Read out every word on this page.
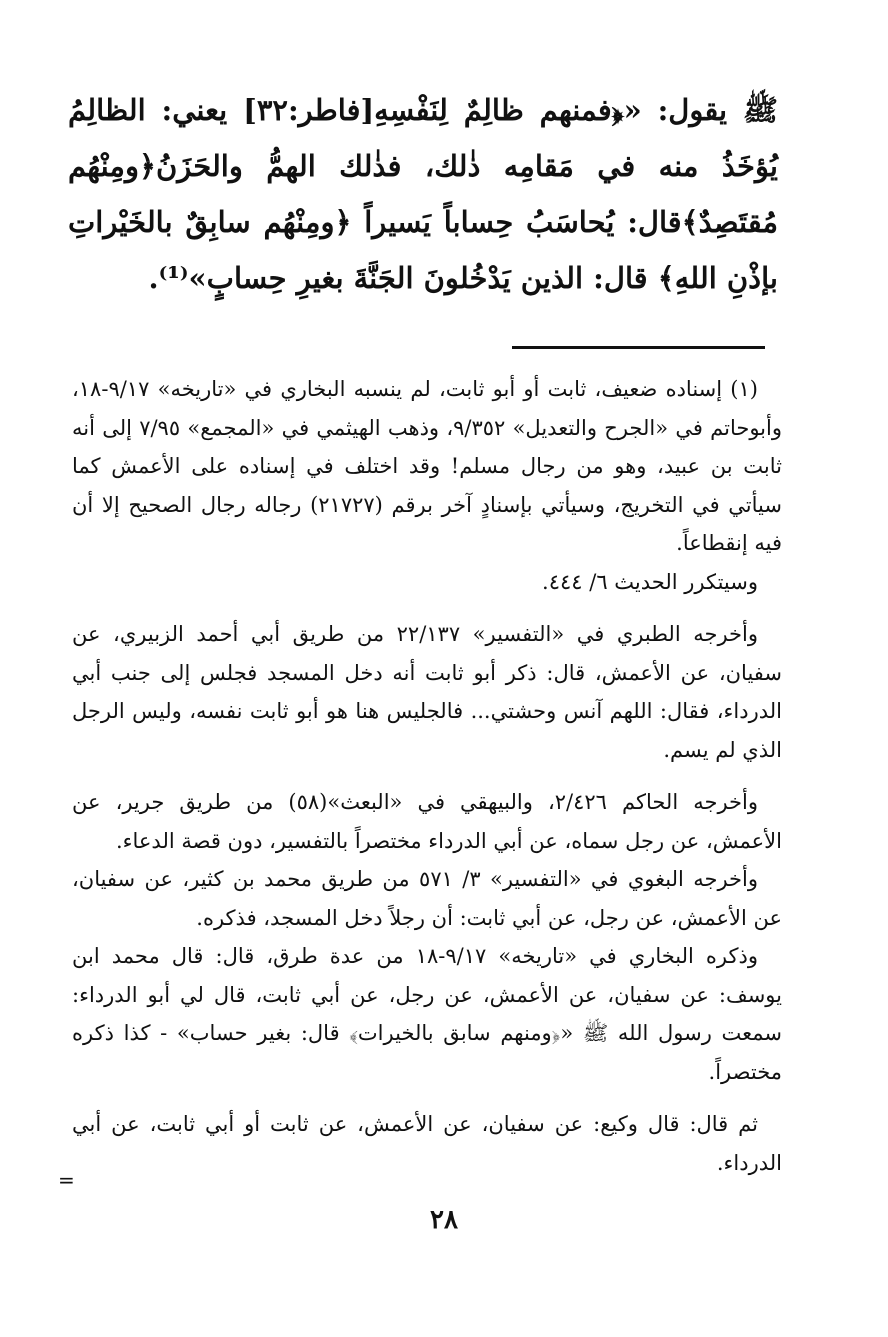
ﷺ يقول: «﴿فمنهم ظالِمٌ لِنَفْسِهِ[فاطر:٣٢] يعني: الظالِمُ يُؤخَذُ منه في مَقامِه ذٰلك، فذٰلك الهمُّ والحَزَنُ﴿ومِنْهُم مُقتَصِدٌ﴾قال: يُحاسَبُ حِساباً يَسيراً ﴿ومِنْهُم سابِقٌ بالخَيْراتِ بإذْنِ اللهِ﴾ قال: الذين يَدْخُلونَ الجَنَّةَ بغيرِ حِسابٍ»⁽¹⁾.

(١) إسناده ضعيف، ثابت أو أبو ثابت، لم ينسبه البخاري في «تاريخه» ٩/١٧-١٨، وأبوحاتم في «الجرح والتعديل» ٩/٣٥٢، وذهب الهيثمي في «المجمع» ٧/٩٥ إلى أنه ثابت بن عبيد، وهو من رجال مسلم! وقد اختلف في إسناده على الأعمش كما سيأتي في التخريج، وسيأتي بإسنادٍ آخر برقم (٢١٧٢٧) رجاله رجال الصحيح إلا أن فيه إنقطاعاً.

وسيتكرر الحديث ٦/ ٤٤٤.

وأخرجه الطبري في «التفسير» ٢٢/١٣٧ من طريق أبي أحمد الزبيري، عن سفيان، عن الأعمش، قال: ذكر أبو ثابت أنه دخل المسجد فجلس إلى جنب أبي الدرداء، فقال: اللهم آنس وحشتي... فالجليس هنا هو أبو ثابت نفسه، وليس الرجل الذي لم يسم.

وأخرجه الحاكم ٢/٤٢٦، والبيهقي في «البعث»(٥٨) من طريق جرير، عن الأعمش، عن رجل سماه، عن أبي الدرداء مختصراً بالتفسير، دون قصة الدعاء.

وأخرجه البغوي في «التفسير» ٣/ ٥٧١ من طريق محمد بن كثير، عن سفيان، عن الأعمش، عن رجل، عن أبي ثابت: أن رجلاً دخل المسجد، فذكره.

وذكره البخاري في «تاريخه» ٩/١٧-١٨ من عدة طرق، قال: قال محمد ابن يوسف: عن سفيان، عن الأعمش، عن رجل، عن أبي ثابت، قال لي أبو الدرداء: سمعت رسول الله ﷺ «﴿ومنهم سابق بالخيرات﴾ قال: بغير حساب» - كذا ذكره مختصراً.

ثم قال: قال وكيع: عن سفيان، عن الأعمش، عن ثابت أو أبي ثابت، عن أبي الدرداء.

=
٢٨
